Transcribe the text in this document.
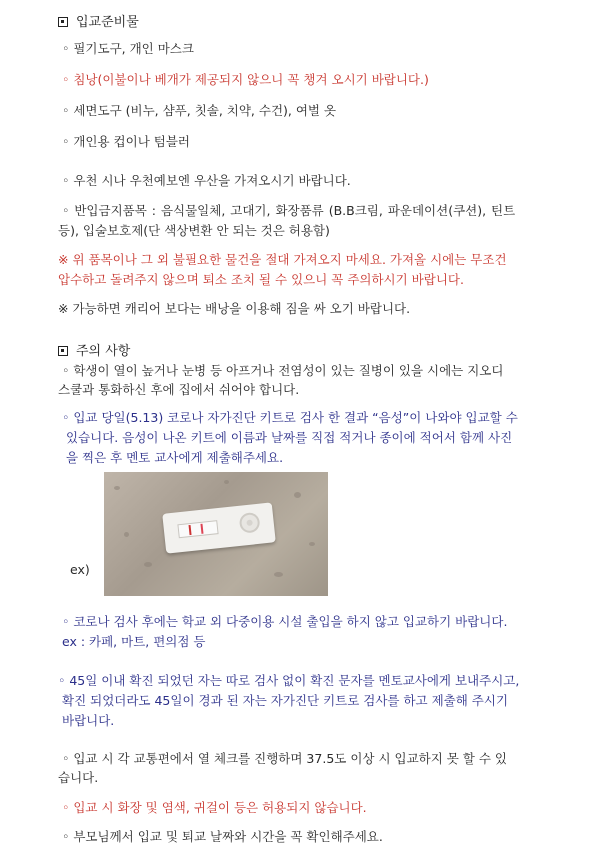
입교준비물
◦ 필기도구, 개인 마스크
◦ 침낭(이불이나 베개가 제공되지 않으니 꼭 챙겨 오시기 바랍니다.)
◦ 세면도구 (비누, 샴푸, 칫솔, 치약, 수건), 여벌 옷
◦ 개인용 컵이나 텀블러
◦ 우천 시나 우천예보엔 우산을 가져오시기 바랍니다.
◦ 반입금지품목 : 음식물일체, 고대기, 화장품류 (B.B크림, 파운데이션(쿠션), 틴트
등), 입술보호제(단 색상변환 안 되는 것은 허용함)
※ 위 품목이나 그 외 불필요한 물건을 절대 가져오지 마세요. 가져올 시에는 무조건
압수하고 돌려주지 않으며 퇴소 조치 될 수 있으니 꼭 주의하시기 바랍니다.
※ 가능하면 캐리어 보다는 배낭을 이용해 짐을 싸 오기 바랍니다.
주의 사항
◦ 학생이 열이 높거나 눈병 등 아프거나 전염성이 있는 질병이 있을 시에는 지오디
스쿨과 통화하신 후에 집에서 쉬어야 합니다.
◦ 입교 당일(5.13) 코로나 자가진단 키트로 검사 한 결과 “음성”이 나와야 입교할 수
있습니다. 음성이 나온 키트에 이름과 날짜를 직접 적거나 종이에 적어서 함께 사진
을 찍은 후 멘토 교사에게 제출해주세요.
ex)
◦ 코로나 검사 후에는 학교 외 다중이용 시설 출입을 하지 않고 입교하기 바랍니다.
ex : 카페, 마트, 편의점 등
◦ 45일 이내 확진 되었던 자는 따로 검사 없이 확진 문자를 멘토교사에게 보내주시고,
확진 되었더라도 45일이 경과 된 자는 자가진단 키트로 검사를 하고 제출해 주시기
바랍니다.
◦ 입교 시 각 교통편에서 열 체크를 진행하며 37.5도 이상 시 입교하지 못 할 수 있
습니다.
◦ 입교 시 화장 및 염색, 귀걸이 등은 허용되지 않습니다.
◦ 부모님께서 입교 및 퇴교 날짜와 시간을 꼭 확인해주세요.
